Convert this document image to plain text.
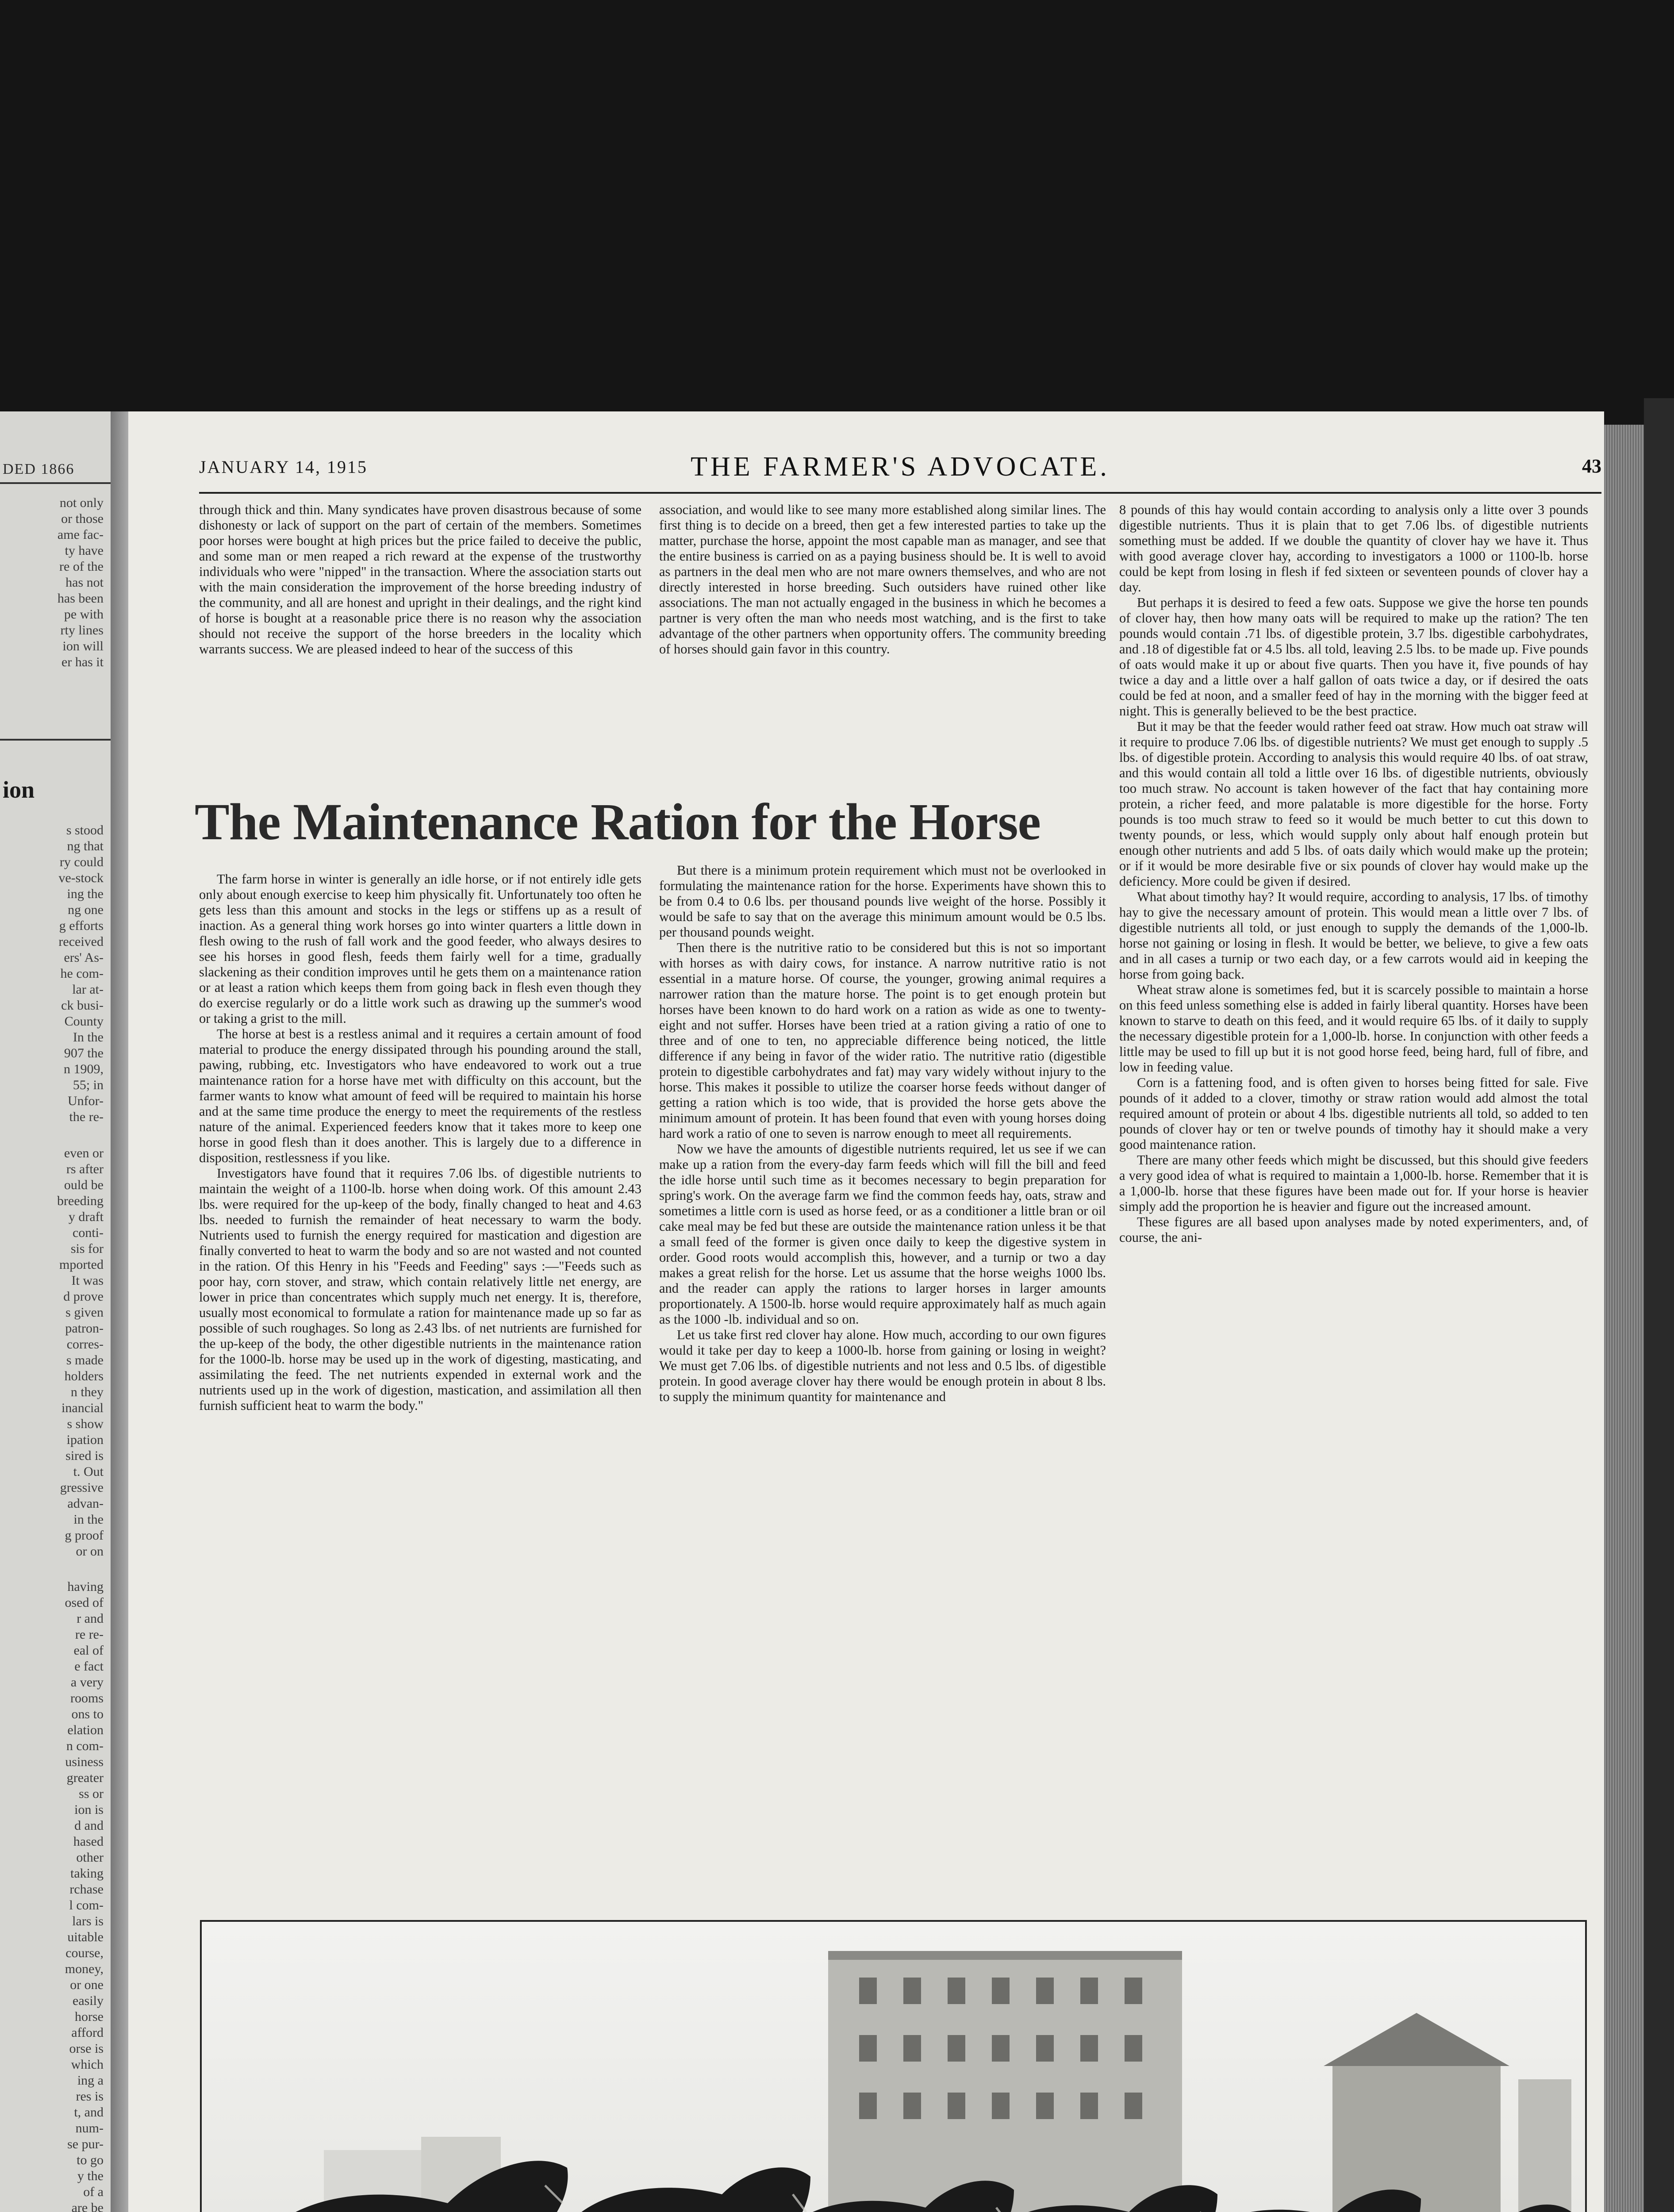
DED 1866
not only
or those
ame fac-
ty have
re of the
has not
has been
pe with
rty lines
ion will
er has it
ion
s stood
ng that
ry could
ve-stock
ing the
ng one
g efforts
received
ers' As-
he com-
lar at-
ck busi-
County
In the
907 the
n 1909,
55; in
Unfor-
the re-
even or
rs after
ould be
breeding
y draft
conti-
sis for
mported
It was
d prove
s given
patron-
corres-
s made
holders
n they
inancial
s show
ipation
sired is
t. Out
gressive
advan-
in the
g proof
or on
having
osed of
r and
re re-
eal of
e fact
a very
rooms
ons to
elation
n com-
usiness
greater
ss or
ion is
d and
hased
other
taking
rchase
l com-
lars is
uitable
course,
money,
or one
easily
horse
afford
orse is
which
ing a
res is
t, and
num-
se pur-
to go
y the
of a
are be
JANUARY 14, 1915	THE FARMER'S ADVOCATE.	43

through thick and thin. Many syndicates have proven disastrous because of some dishonesty or lack of support on the part of certain of the members. Sometimes poor horses were bought at high prices but the price failed to deceive the public, and some man or men reaped a rich reward at the expense of the trustworthy individuals who were "nipped" in the transaction. Where the association starts out with the main consideration the improvement of the horse breeding industry of the community, and all are honest and upright in their dealings, and the right kind of horse is bought at a reasonable price there is no reason why the association should not receive the support of the horse breeders in the locality which warrants success. We are pleased indeed to hear of the success of this

association, and would like to see many more established along similar lines. The first thing is to decide on a breed, then get a few interested parties to take up the matter, purchase the horse, appoint the most capable man as manager, and see that the entire business is carried on as a paying business should be. It is well to avoid as partners in the deal men who are not mare owners themselves, and who are not directly interested in horse breeding. Such outsiders have ruined other like associations. The man not actually engaged in the business in which he becomes a partner is very often the man who needs most watching, and is the first to take advantage of the other partners when opportunity offers. The community breeding of horses should gain favor in this country.

The Maintenance Ration for the Horse

The farm horse in winter is generally an idle horse, or if not entirely idle gets only about enough exercise to keep him physically fit. Unfortunately too often he gets less than this amount and stocks in the legs or stiffens up as a result of inaction. As a general thing work horses go into winter quarters a little down in flesh owing to the rush of fall work and the good feeder, who always desires to see his horses in good flesh, feeds them fairly well for a time, gradually slackening as their condition improves until he gets them on a maintenance ration or at least a ration which keeps them from going back in flesh even though they do exercise regularly or do a little work such as drawing up the summer's wood or taking a grist to the mill.

The horse at best is a restless animal and it requires a certain amount of food material to produce the energy dissipated through his pounding around the stall, pawing, rubbing, etc. Investigators who have endeavored to work out a true maintenance ration for a horse have met with difficulty on this account, but the farmer wants to know what amount of feed will be required to maintain his horse and at the same time produce the energy to meet the requirements of the restless nature of the animal. Experienced feeders know that it takes more to keep one horse in good flesh than it does another. This is largely due to a difference in disposition, restlessness if you like.

Investigators have found that it requires 7.06 lbs. of digestible nutrients to maintain the weight of a 1100-lb. horse when doing work. Of this amount 2.43 lbs. were required for the up-keep of the body, finally changed to heat and 4.63 lbs. needed to furnish the remainder of heat necessary to warm the body. Nutrients used to furnish the energy required for mastication and digestion are finally converted to heat to warm the body and so are not wasted and not counted in the ration. Of this Henry in his "Feeds and Feeding" says :—"Feeds such as poor hay, corn stover, and straw, which contain relatively little net energy, are lower in price than concentrates which supply much net energy. It is, therefore, usually most economical to formulate a ration for maintenance made up so far as possible of such roughages. So long as 2.43 lbs. of net nutrients are furnished for the up-keep of the body, the other digestible nutrients in the maintenance ration for the 1000-lb. horse may be used up in the work of digesting, masticating, and assimilating the feed. The net nutrients expended in external work and the nutrients used up in the work of digestion, mastication, and assimilation all then furnish sufficient heat to warm the body."

But there is a minimum protein requirement which must not be overlooked in formulating the maintenance ration for the horse. Experiments have shown this to be from 0.4 to 0.6 lbs. per thousand pounds live weight of the horse. Possibly it would be safe to say that on the average this minimum amount would be 0.5 lbs. per thousand pounds weight.

Then there is the nutritive ratio to be considered but this is not so important with horses as with dairy cows, for instance. A narrow nutritive ratio is not essential in a mature horse. Of course, the younger, growing animal requires a narrower ration than the mature horse. The point is to get enough protein but horses have been known to do hard work on a ration as wide as one to twenty-eight and not suffer. Horses have been tried at a ration giving a ratio of one to three and of one to ten, no appreciable difference being noticed, the little difference if any being in favor of the wider ratio. The nutritive ratio (digestible protein to digestible carbohydrates and fat) may vary widely without injury to the horse. This makes it possible to utilize the coarser horse feeds without danger of getting a ration which is too wide, that is provided the horse gets above the minimum amount of protein. It has been found that even with young horses doing hard work a ratio of one to seven is narrow enough to meet all requirements.

Now we have the amounts of digestible nutrients required, let us see if we can make up a ration from the every-day farm feeds which will fill the bill and feed the idle horse until such time as it becomes necessary to begin preparation for spring's work. On the average farm we find the common feeds hay, oats, straw and sometimes a little corn is used as horse feed, or as a conditioner a little bran or oil cake meal may be fed but these are outside the maintenance ration unless it be that a small feed of the former is given once daily to keep the digestive system in order. Good roots would accomplish this, however, and a turnip or two a day makes a great relish for the horse. Let us assume that the horse weighs 1000 lbs. and the reader can apply the rations to larger horses in larger amounts proportionately. A 1500-lb. horse would require approximately half as much again as the 1000 -lb. individual and so on.

Let us take first red clover hay alone. How much, according to our own figures would it take per day to keep a 1000-lb. horse from gaining or losing in weight? We must get 7.06 lbs. of digestible nutrients and not less and 0.5 lbs. of digestible protein. In good average clover hay there would be enough protein in about 8 lbs. to supply the minimum quantity for maintenance and

8 pounds of this hay would contain according to analysis only a litte over 3 pounds digestible nutrients. Thus it is plain that to get 7.06 lbs. of digestible nutrients something must be added. If we double the quantity of clover hay we have it. Thus with good average clover hay, according to investigators a 1000 or 1100-lb. horse could be kept from losing in flesh if fed sixteen or seventeen pounds of clover hay a day.

But perhaps it is desired to feed a few oats. Suppose we give the horse ten pounds of clover hay, then how many oats will be required to make up the ration? The ten pounds would contain .71 lbs. of digestible protein, 3.7 lbs. digestible carbohydrates, and .18 of digestible fat or 4.5 lbs. all told, leaving 2.5 lbs. to be made up. Five pounds of oats would make it up or about five quarts. Then you have it, five pounds of hay twice a day and a little over a half gallon of oats twice a day, or if desired the oats could be fed at noon, and a smaller feed of hay in the morning with the bigger feed at night. This is generally believed to be the best practice.

But it may be that the feeder would rather feed oat straw. How much oat straw will it require to produce 7.06 lbs. of digestible nutrients? We must get enough to supply .5 lbs. of digestible protein. According to analysis this would require 40 lbs. of oat straw, and this would contain all told a little over 16 lbs. of digestible nutrients, obviously too much straw. No account is taken however of the fact that hay containing more protein, a richer feed, and more palatable is more digestible for the horse. Forty pounds is too much straw to feed so it would be much better to cut this down to twenty pounds, or less, which would supply only about half enough protein but enough other nutrients and add 5 lbs. of oats daily which would make up the protein; or if it would be more desirable five or six pounds of clover hay would make up the deficiency. More could be given if desired.

What about timothy hay? It would require, according to analysis, 17 lbs. of timothy hay to give the necessary amount of protein. This would mean a little over 7 lbs. of digestible nutrients all told, or just enough to supply the demands of the 1,000-lb. horse not gaining or losing in flesh. It would be better, we believe, to give a few oats and in all cases a turnip or two each day, or a few carrots would aid in keeping the horse from going back.

Wheat straw alone is sometimes fed, but it is scarcely possible to maintain a horse on this feed unless something else is added in fairly liberal quantity. Horses have been known to starve to death on this feed, and it would require 65 lbs. of it daily to supply the necessary digestible protein for a 1,000-lb. horse. In conjunction with other feeds a little may be used to fill up but it is not good horse feed, being hard, full of fibre, and low in feeding value.

Corn is a fattening food, and is often given to horses being fitted for sale. Five pounds of it added to a clover, timothy or straw ration would add almost the total required amount of protein or about 4 lbs. digestible nutrients all told, so added to ten pounds of clover hay or ten or twelve pounds of timothy hay it should make a very good maintenance ration.

There are many other feeds which might be discussed, but this should give feeders a very good idea of what is required to maintain a 1,000-lb. horse. Remember that it is a 1,000-lb. horse that these figures have been made out for. If your horse is heavier simply add the proportion he is heavier and figure out the increased amount.

These figures are all based upon analyses made by noted experimenters, and, of course, the ani-
